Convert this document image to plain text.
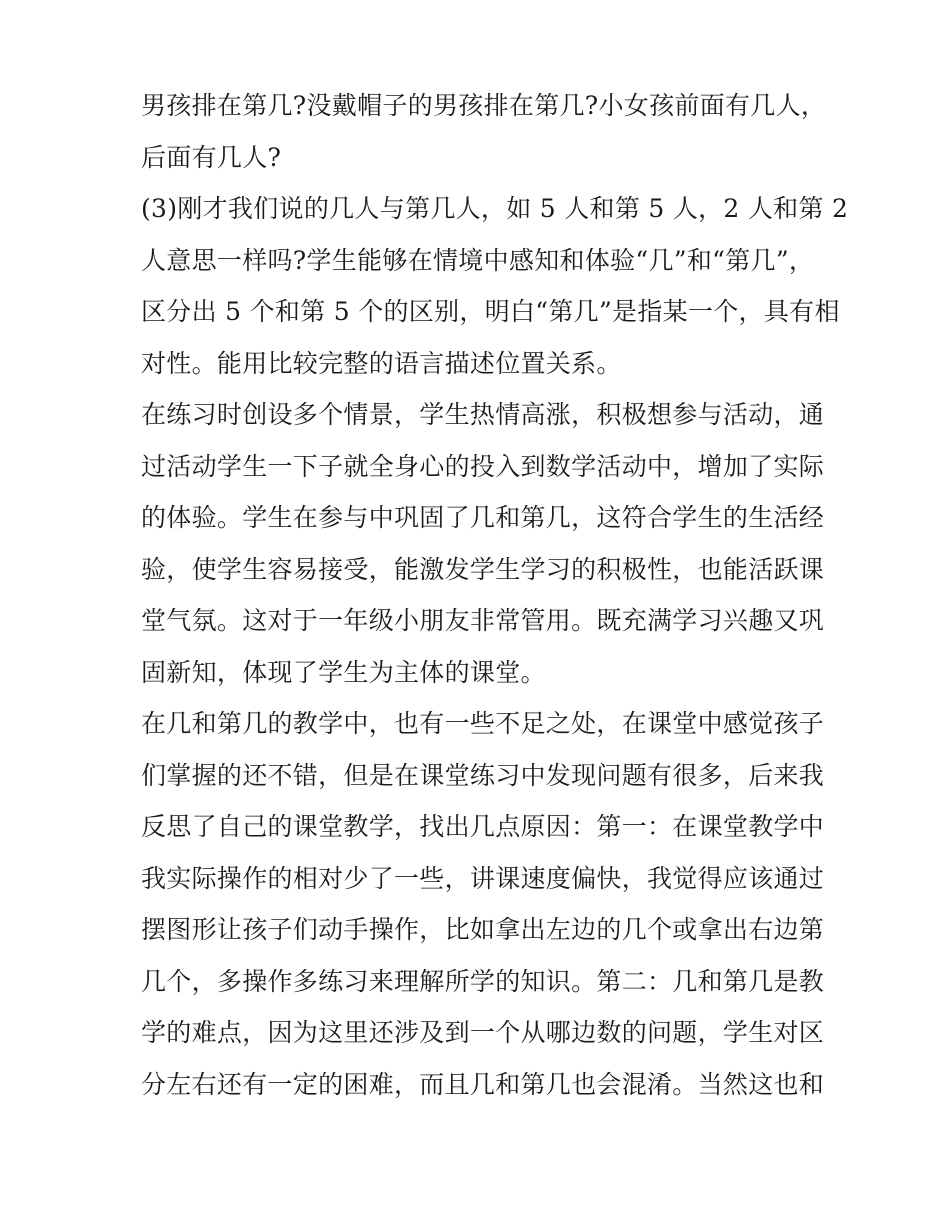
男孩排在第几?没戴帽子的男孩排在第几?小女孩前面有几人，
后面有几人?
(3)刚才我们说的几人与第几人，如 5 人和第 5 人，2 人和第 2
人意思一样吗?学生能够在情境中感知和体验“几”和“第几”，
区分出 5 个和第 5 个的区别，明白“第几”是指某一个，具有相
对性。能用比较完整的语言描述位置关系。
在练习时创设多个情景，学生热情高涨，积极想参与活动，通
过活动学生一下子就全身心的投入到数学活动中，增加了实际
的体验。学生在参与中巩固了几和第几，这符合学生的生活经
验，使学生容易接受，能激发学生学习的积极性，也能活跃课
堂气氛。这对于一年级小朋友非常管用。既充满学习兴趣又巩
固新知，体现了学生为主体的课堂。
在几和第几的教学中，也有一些不足之处，在课堂中感觉孩子
们掌握的还不错，但是在课堂练习中发现问题有很多，后来我
反思了自己的课堂教学，找出几点原因：第一：在课堂教学中
我实际操作的相对少了一些，讲课速度偏快，我觉得应该通过
摆图形让孩子们动手操作，比如拿出左边的几个或拿出右边第
几个，多操作多练习来理解所学的知识。第二：几和第几是教
学的难点，因为这里还涉及到一个从哪边数的问题，学生对区
分左右还有一定的困难，而且几和第几也会混淆。当然这也和
